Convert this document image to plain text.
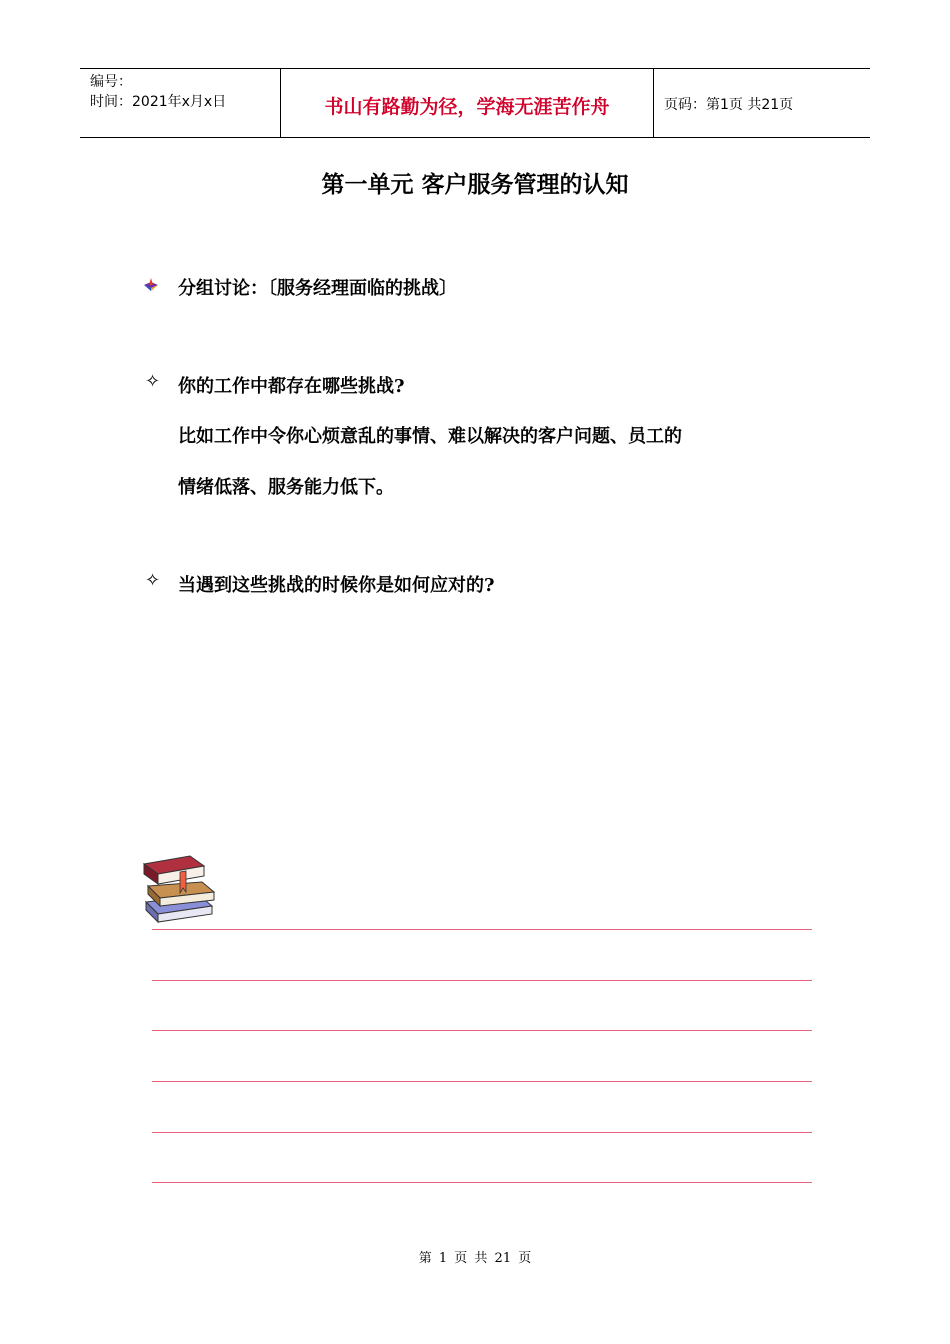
编号：
时间：2021年x月x日	书山有路勤为径，学海无涯苦作舟	页码：第1页 共21页
第一单元 客户服务管理的认知
分组讨论：〔服务经理面临的挑战〕
✧ 你的工作中都存在哪些挑战?
比如工作中令你心烦意乱的事情、难以解决的客户问题、员工的
情绪低落、服务能力低下。
✧ 当遇到这些挑战的时候你是如何应对的?
第 1 页 共 21 页
